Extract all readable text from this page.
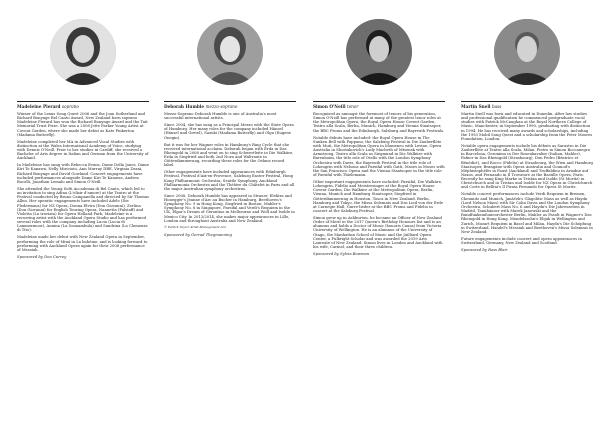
Madeleine Pierard soprano

Winner of the Lexus Song Quest 2006 and the Joan Sutherland and Richard Bonynge Bel Canto Award, New Zealand born soprano Madeleine Pierard has won the Richard Bonynge Award and the Tait Memorial Trust Prize. She was a 2008 Jette Parker Young Artist at Covent Garden, where she made her debut as Kate Pinkerton (Madama Butterfly).

Madeleine completed her MA in Advanced Vocal Studies with distinction at the Wales International Academy of Voice, studying with Dennis O'Neill. Prior to her studies in Cardiff, she received a Bachelor of Arts degree in Italian and German from the University of Auckland.

In Madeleine has sung with Rebecca Evans, Dame Della Jones, Dame Kiri Te Kanawa, Nelly Miricioiu, Ann Murray DBE, Virginia Zeani, Richard Bonynge and David Gowland. Concert engagements have included performances alongside Dame Kiri Te Kanawa, Andrea Bocelli, Jonathan Lemalu and Simon O'Neill.

She attended the Young Solti Accademia di Bel Canto, which led to an invitation to sing Adina (L'elisir d'amore) at the Teatro at the Festival conducted by Bruno Campanella and directed by Sir Thomas Allen. Her operatic engagements have included Adele (Die Fledermaus) for NZ Opera, Donna Elvira (Don Giovanni), Zerlina (Don Giovanni) for English Touring Opera, Nannetta (Falstaff) and Violetta (La traviata) for Opera Holland Park, Madeleine is a recurring artist with the Auckland Opera Studio and has performed several roles with the company including Lucia (Lucia di Lammermoor), Annina (La Sonnambula) and Sandrina (La Clemenza di Tito).

Madeleine made her debut with New Zealand Opera in September, performing the role of Mimì in La bohème, and is looking forward to performing with Auckland Opera again for their 2008 performance of Messiah.

Sponsored by Don Currey

Deborah Humble mezzo-soprano

Mezzo-Soprano Deborah Humble is one of Australia's most successful international artists.

Since 2004, she has sung as a Principal Mezzo with the State Opera of Hamburg. Her many roles for the company included Hänsel (Hänsel und Gretel), Suzuki (Madama Butterfly) and Olga (Eugene Onegin).

But it was for her Wagner roles in Hamburg's Ring Cycle that she received international acclaim. Deborah began with Erda in Das Rheingold in 2008 and went on to sing Schwertleite in Die Walküre, Erda in Siegfried and both 2nd Norn and Waltraute in Götterdämmerung, recording these roles for the Oehms record label.

Other engagements have included appearances with Edinburgh Festival, Festival d'Aix-en-Provence, Salzburg Easter Festival, Hong Kong Philharmonic Orchestra, Seattle Symphony, Auckland Philharmonia Orchestra and the Théâtre du Châtelet in Paris and all the major Australian symphony orchestras.

Since 2008, Deborah Humble has appeared in Strauss' Elektra and Honegger's Jeanne d'Arc au Bucher in Hamburg, Beethoven's Symphony No. 9 in Hong Kong, Siegfried in Boston, Mahler's Symphony No. 8 in Singapore, Parsifal and Verdi's Requiem in the UK, Elgar's Dream of Gerontius in Melbourne and Wolf and Isolde in Mexico City. In 2013/2014, she makes major appearances in Lille, London and throughout Australia and New Zealand.

© Patrick Taylor Artist Management Ltd

Sponsored by Gerrad Thegmanning

Simon O'Neill tenor

Recognised as amongst the foremost of tenors of his generation, Simon O'Neill has performed at many of the greatest tenor roles at the Metropolitan Opera, the Royal Opera House Covent Garden, Teatro alla Scala, Berlin, Munich, Hamburg and Vienna Staatsoper, the BBC Proms and the Edinburgh, Salzburg and Bayreuth Festivals.

Notable debuts have included: the Royal Opera House in The Sunken Bell with Pappano, the Salzburg Festival in Die Zauberflöte with Muti, the Metropolitan Opera in Idomeneo with Levine, Opera Australia in Shostakovich's Lady Macbeth of Mtsensk with Armstrong, Teatro alla Scala as Siegmund in Die Walküre with Barenboim, the title role of Otello with the London Symphony Orchestra with Davis, the Bayreuth Festival in the title role of Lohengrin with Nelsons and Parsifal with Gatti, Moses in Moses with the San Francisco Opera and the Vienna Staatsoper in the title role of Parsifal with Thielemann.

Other important engagements have included: Parsifal, Die Walküre, Lohengrin, Fidelio and Meistersinger at the Royal Opera House Covent Garden, Die Walküre at the Metropolitan Opera, Berlin, Vienna, Munich and Hamburg Staatsoper, Siegfried in Götterdämmerung in Houston, Tosca in New Zealand, Berlin, Hamburg and Tokyo, the Missa Solemnis and Das Lied von der Erde at Carnegie Hall, Gurre-lieder at the BBC Proms and Fidelio in concert at the Salzburg Festival.

Simon grew up in Ashburton, he became an Officer of New Zealand Order of Merit in the 2017 Queen's Birthday Honours list and is an alumnus and holds a Doctor of Music (honoris Causa) from Victoria University of Wellington. He is an alumnus of the University of Otago, the Manhattan School of Music and the Juilliard Opera Center, a Fulbright Scholar and was awarded the 2019 Arts Laureate of New Zealand. Simon lives in London and Auckland with his wife, Carmel, and their three children.

Sponsored by Sylvia Bowman

Martin Snell bass

Martin Snell was born and educated in Dunedin. After law studies and professional qualification he commenced postgraduate vocal studies with Patrick McCaughan at the Royal Northern College of Music, Manchester, in September 1990, graduating with distinction in 1994. He has received many awards and scholarships, including the 1993 Mobil Song Quest and a scholarship from the Peter Moores Foundation, London.

Notable opera engagements include his débuts as Sarastro in Die Zauberflöte at Teatro alla Scala, Milan, Pietro in Simon Boccanegra in Barcelona, Geronimo in Der Rosenkavalier (Italian, Mahler), Fafner in Das Rheingold (Strasbourg), Don Pedro (Béatrice et Bénédict), and Rocco (Fidelio) at Strasbourg, the Wien and Hamburg Staatsoper, Brangäne with Opera Australia and Gounod's Méphistophélès in Faust (Auckland) and Truffaldino in Ariadne auf Naxos, and Fernando in Il Trovatore at the Bastille Opera, Paris. Recently he sang King Marke in Tristan and Isolde (St Moritz) in Christchurch and in Tristan und Isolde for NZ Opera in Christchurch and Corte in Bellini's Il Pirata Fernando for Opera St Moritz.

Notable concert performances include Verdi Requiem in Bremen, Chemnitz and Munich, Janáček's Glagolitic Mass as well as Haydn (Lord Nelson Mass) with Sir Colin Davis and the London Symphony Orchestra, Schubert Mass No. 6 and Haydn's Die Jahreszeiten in Madrid, Tannhäuser with Marek Janowski and the Rundfunksinfonieorchester Berlin, Mahler as Fasolt in Wagner's Das Rheingold in Hong Kong, Mendelssohn's Elijah in Wellington and Zurich, Mozart Requiem in Basel and Milan, Haydn's Die Schöpfung in Switzerland, Handel's Messiah and Beethoven's Missa Solemnis in New Zealand.

Future engagements include concert and opera appearances in Switzerland, Germany, New Zealand and Scotland.

Sponsored by Ross Blair
